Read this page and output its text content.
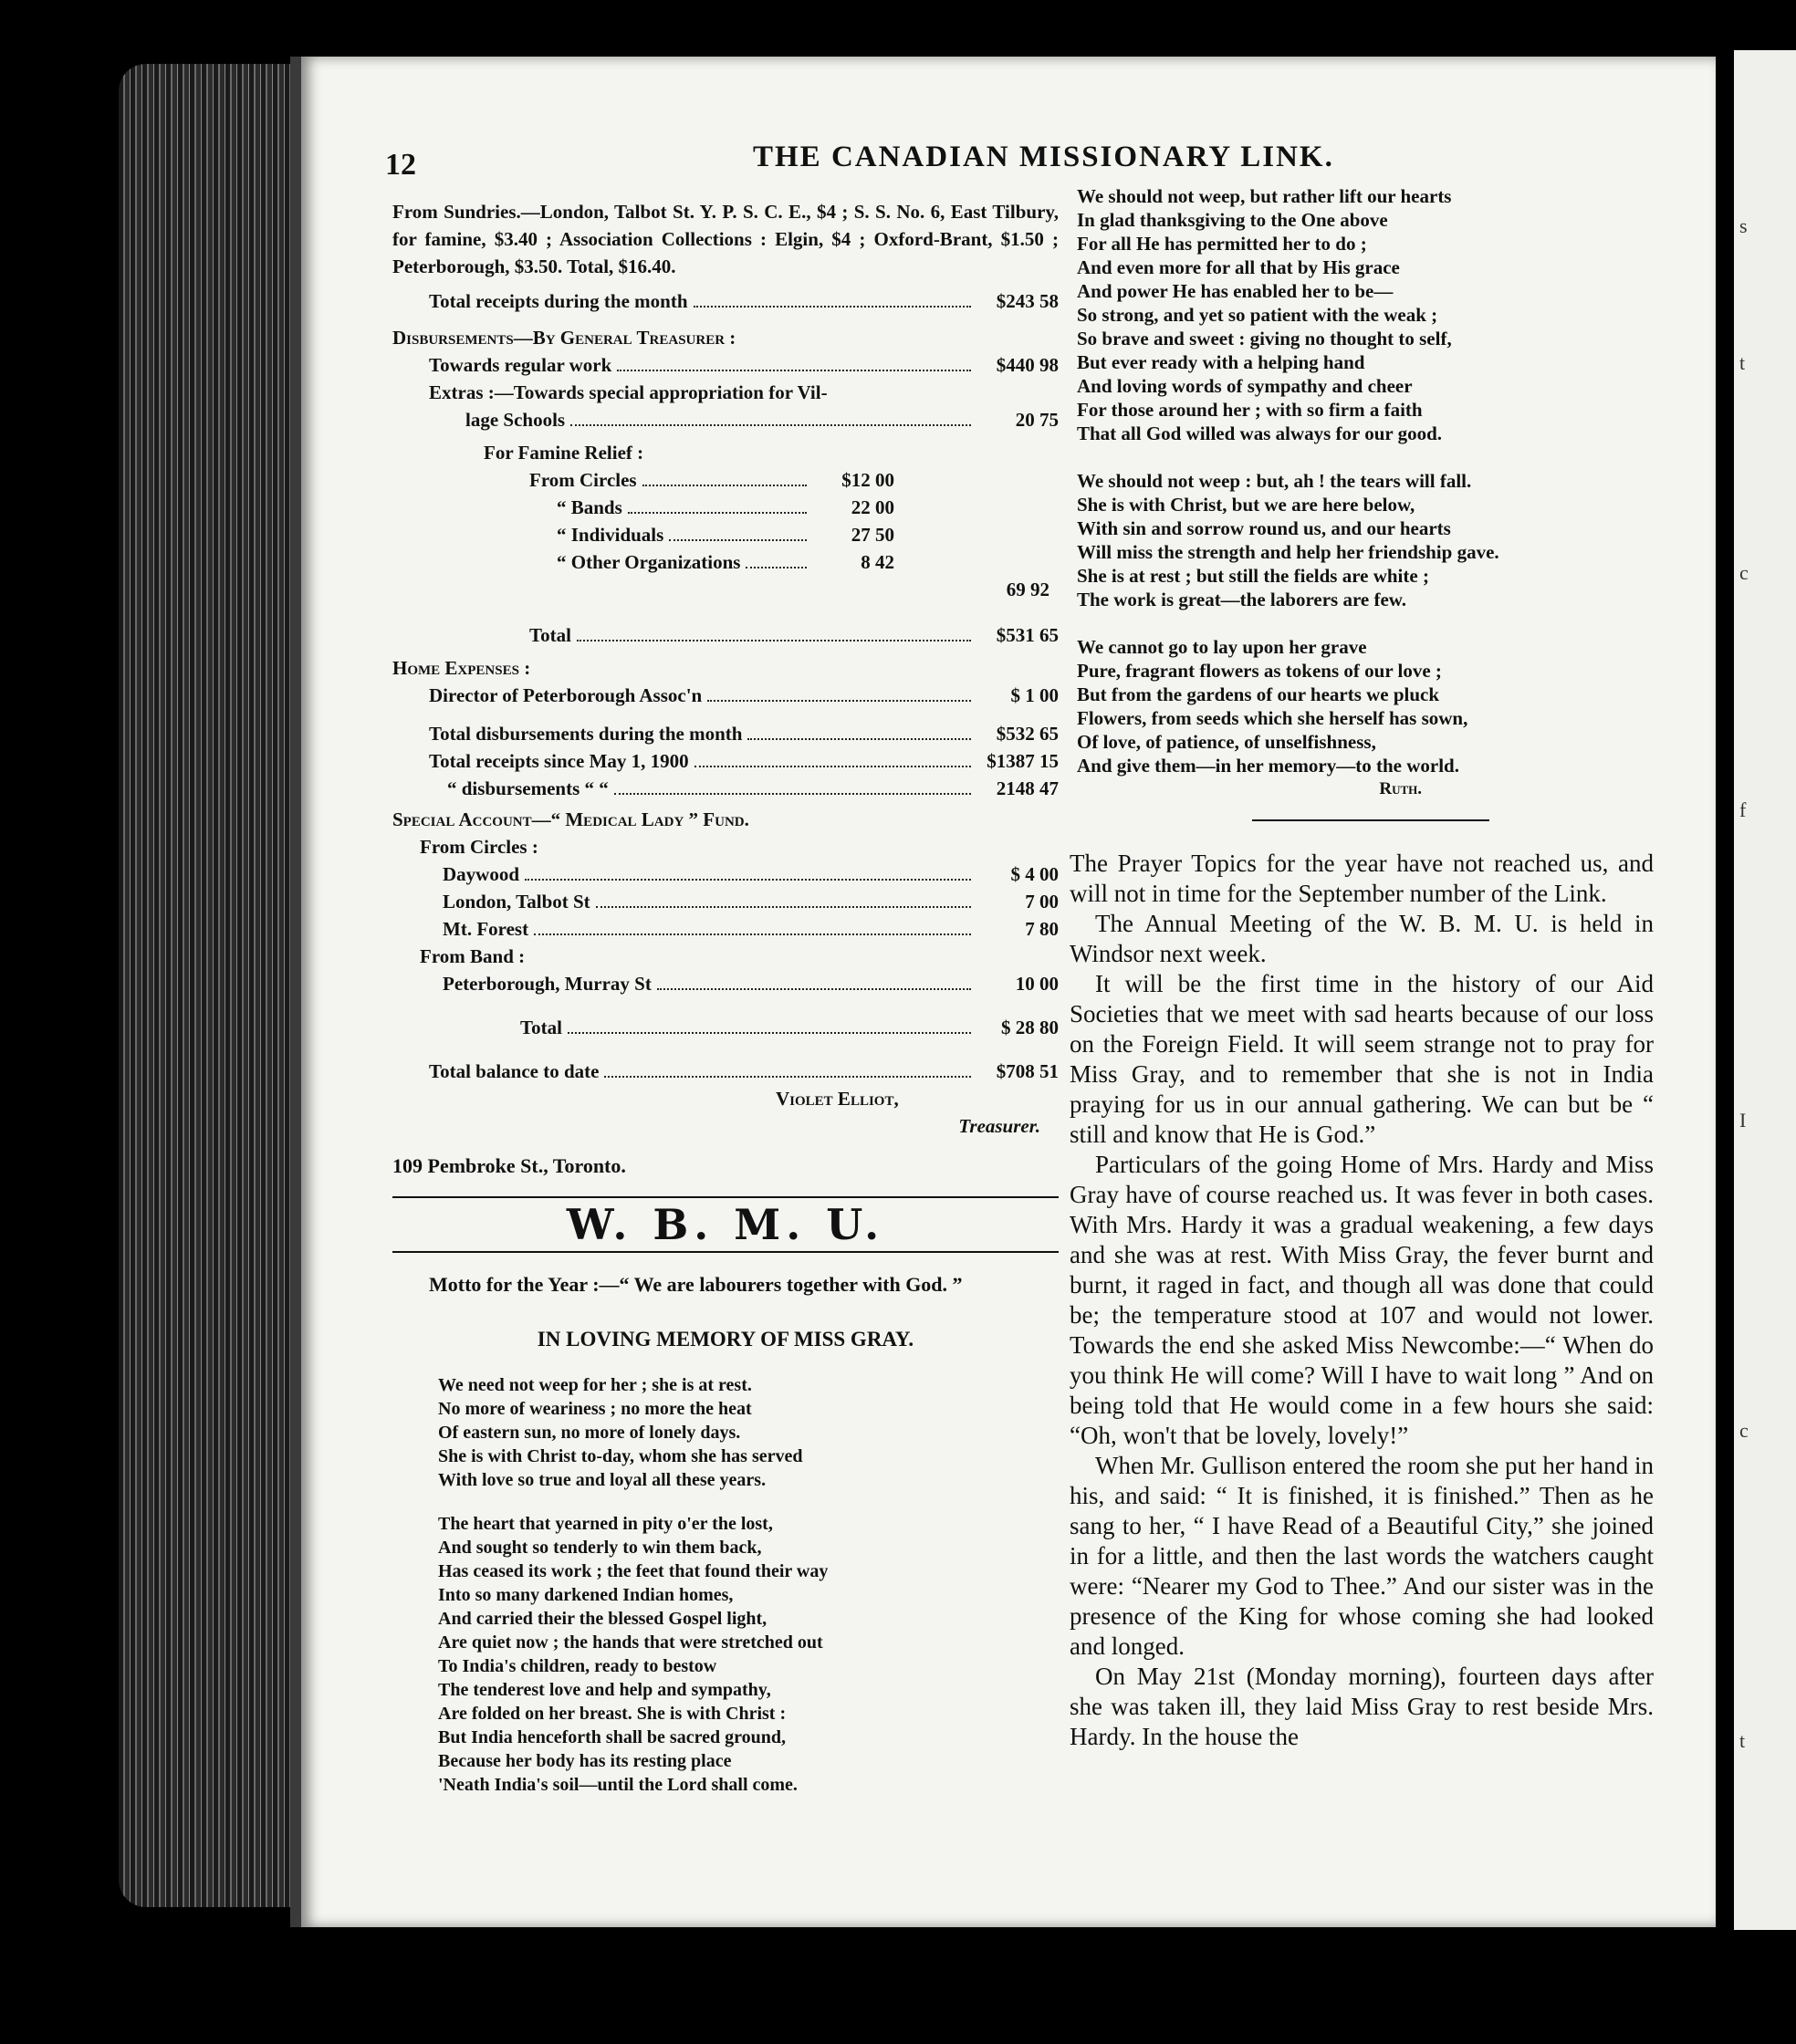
s
t
c
f
I
c
t
12	THE CANADIAN MISSIONARY LINK.
From Sundries.—London, Talbot St. Y. P. S. C. E., $4 ; S. S. No. 6, East Tilbury, for famine, $3.40 ; Association Collections : Elgin, $4 ; Oxford-Brant, $1.50 ; Peterborough, $3.50. Total, $16.40.
Total receipts during the month	$243 58
Disbursements—By General Treasurer :
Towards regular work	$440 98
Extras :—Towards special appropriation for Vil-
lage Schools	20 75
For Famine Relief :
From Circles	$12 00
“ Bands	22 00
“ Individuals	27 50
“ Other Organizations	8 42
69 92
Total	$531 65
Home Expenses :
Director of Peterborough Assoc'n	$ 1 00
Total disbursements during the month	$532 65
Total receipts since May 1, 1900	$1387 15
“ disbursements “ “	2148 47
Special Account—“ Medical Lady ” Fund.
From Circles :
Daywood	$ 4 00
London, Talbot St	7 00
Mt. Forest	7 80
From Band :
Peterborough, Murray St	10 00
Total	$ 28 80
Total balance to date	$708 51
Violet Elliot,
Treasurer.
109 Pembroke St., Toronto.
W. B. M. U.
Motto for the Year :—“ We are labourers together with God. ”
IN LOVING MEMORY OF MISS GRAY.

We need not weep for her ; she is at rest.
No more of weariness ; no more the heat
Of eastern sun, no more of lonely days.
She is with Christ to-day, whom she has served
With love so true and loyal all these years.

The heart that yearned in pity o'er the lost,
And sought so tenderly to win them back,
Has ceased its work ; the feet that found their way
Into so many darkened Indian homes,
And carried their the blessed Gospel light,
Are quiet now ; the hands that were stretched out
To India's children, ready to bestow
The tenderest love and help and sympathy,
Are folded on her breast. She is with Christ :
But India henceforth shall be sacred ground,
Because her body has its resting place
'Neath India's soil—until the Lord shall come.

We should not weep, but rather lift our hearts
In glad thanksgiving to the One above
For all He has permitted her to do ;
And even more for all that by His grace
And power He has enabled her to be—
So strong, and yet so patient with the weak ;
So brave and sweet : giving no thought to self,
But ever ready with a helping hand
And loving words of sympathy and cheer
For those around her ; with so firm a faith
That all God willed was always for our good.

We should not weep : but, ah ! the tears will fall.
She is with Christ, but we are here below,
With sin and sorrow round us, and our hearts
Will miss the strength and help her friendship gave.
She is at rest ; but still the fields are white ;
The work is great—the laborers are few.

We cannot go to lay upon her grave
Pure, fragrant flowers as tokens of our love ;
But from the gardens of our hearts we pluck
Flowers, from seeds which she herself has sown,
Of love, of patience, of unselfishness,
And give them—in her memory—to the world.

Ruth.

The Prayer Topics for the year have not reached us, and will not in time for the September number of the Link.

The Annual Meeting of the W. B. M. U. is held in Windsor next week.

It will be the first time in the history of our Aid Societies that we meet with sad hearts because of our loss on the Foreign Field. It will seem strange not to pray for Miss Gray, and to remember that she is not in India praying for us in our annual gathering. We can but be “ still and know that He is God.”

Particulars of the going Home of Mrs. Hardy and Miss Gray have of course reached us. It was fever in both cases. With Mrs. Hardy it was a gradual weakening, a few days and she was at rest. With Miss Gray, the fever burnt and burnt, it raged in fact, and though all was done that could be; the temperature stood at 107 and would not lower. Towards the end she asked Miss Newcombe:—“ When do you think He will come? Will I have to wait long ” And on being told that He would come in a few hours she said: “Oh, won't that be lovely, lovely!”

When Mr. Gullison entered the room she put her hand in his, and said: “ It is finished, it is finished.” Then as he sang to her, “ I have Read of a Beautiful City,” she joined in for a little, and then the last words the watchers caught were: “Nearer my God to Thee.” And our sister was in the presence of the King for whose coming she had looked and longed.

On May 21st (Monday morning), fourteen days after she was taken ill, they laid Miss Gray to rest beside Mrs. Hardy. In the house the
